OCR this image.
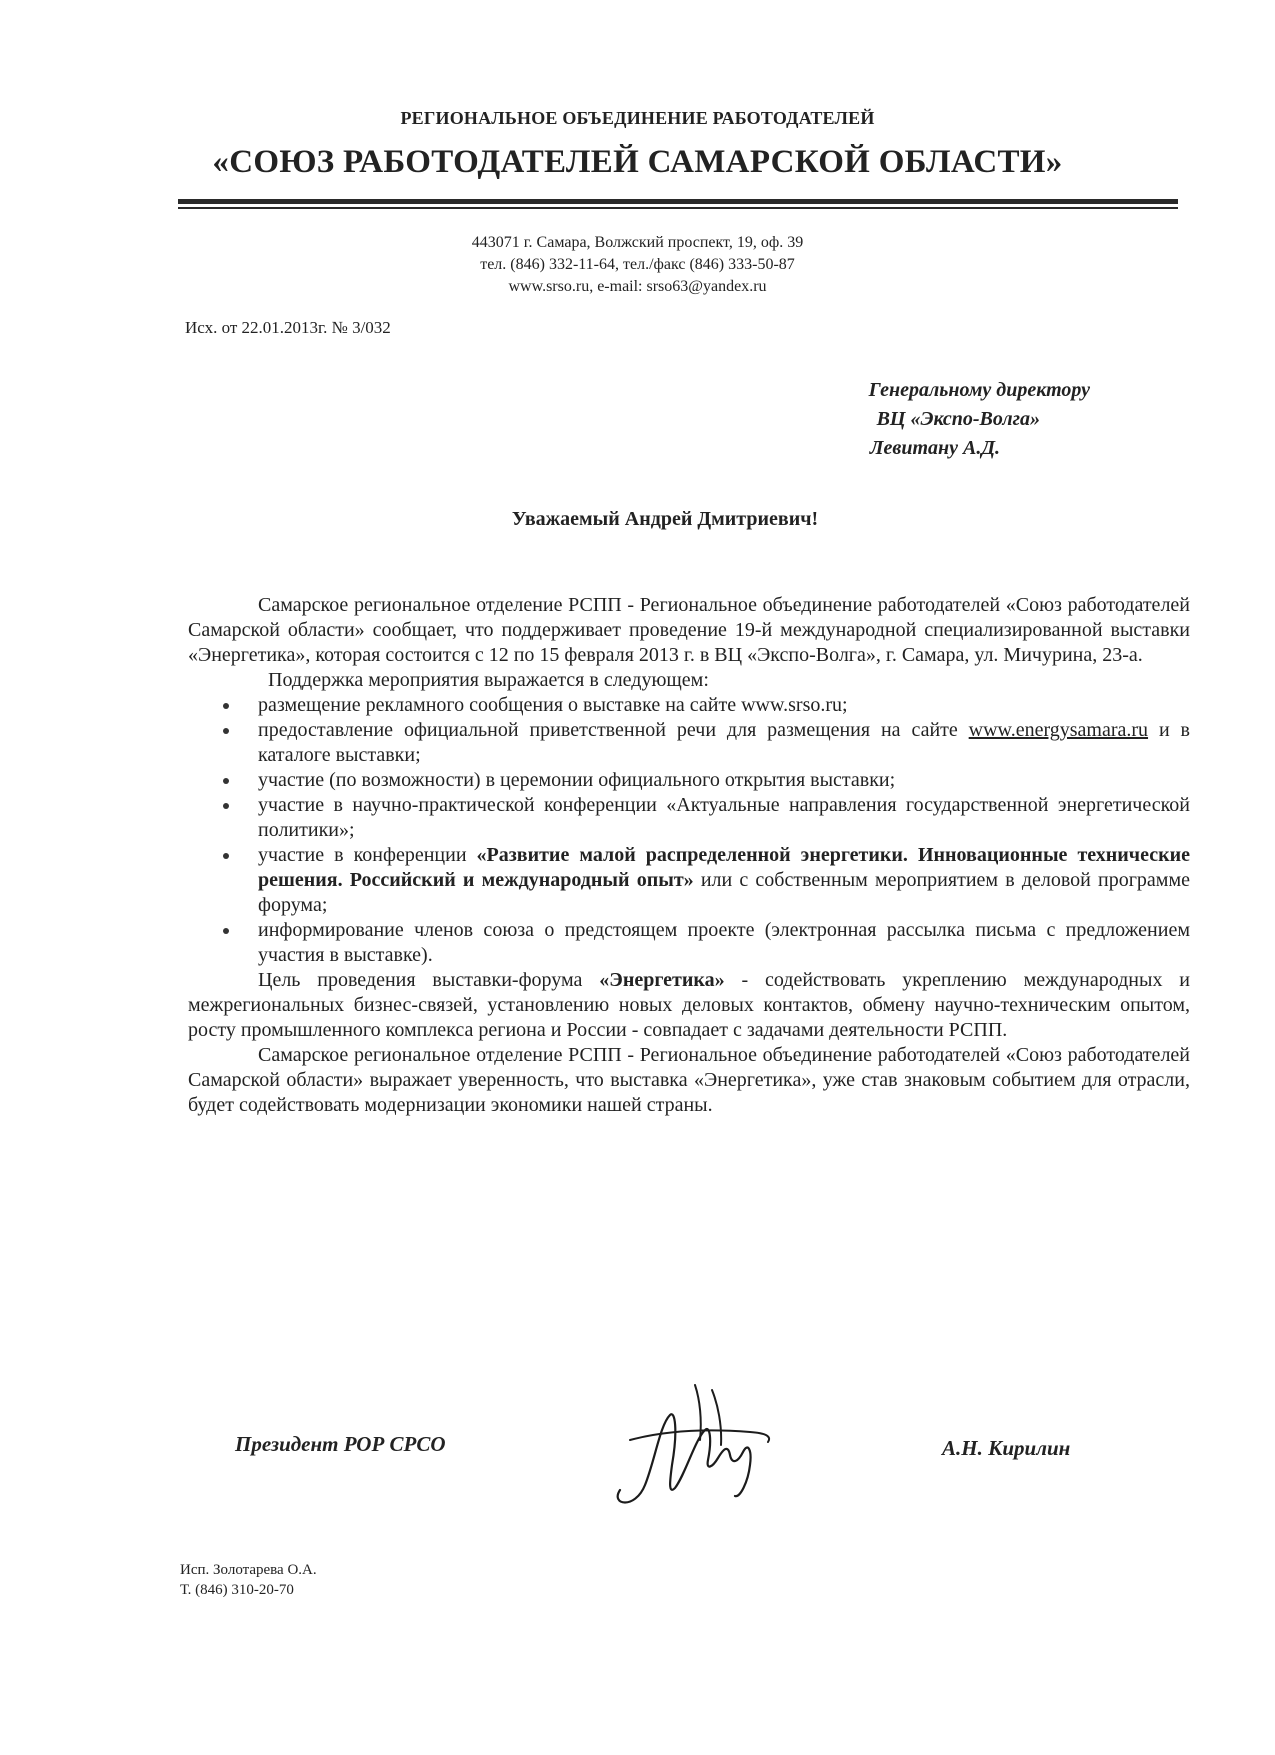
РЕГИОНАЛЬНОЕ ОБЪЕДИНЕНИЕ РАБОТОДАТЕЛЕЙ
«СОЮЗ РАБОТОДАТЕЛЕЙ САМАРСКОЙ ОБЛАСТИ»
443071 г. Самара, Волжский проспект, 19, оф. 39
тел. (846) 332-11-64, тел./факс (846) 333-50-87
www.srso.ru, e-mail: srso63@yandex.ru
Исх. от 22.01.2013г. № 3/032
Генеральному директору
ВЦ «Экспо-Волга»
Левитану А.Д.
Уважаемый Андрей Дмитриевич!

Самарское региональное отделение РСПП - Региональное объединение работодателей «Союз работодателей Самарской области» сообщает, что поддерживает проведение 19-й международной специализированной выставки «Энергетика», которая состоится с 12 по 15 февраля 2013 г. в ВЦ «Экспо-Волга», г. Самара, ул. Мичурина, 23-а.

Поддержка мероприятия выражается в следующем:

размещение рекламного сообщения о выставке на сайте www.srso.ru;
предоставление официальной приветственной речи для размещения на сайте www.energysamara.ru и в каталоге выставки;
участие (по возможности) в церемонии официального открытия выставки;
участие в научно-практической конференции «Актуальные направления государственной энергетической политики»;
участие в конференции «Развитие малой распределенной энергетики. Инновационные технические решения. Российский и международный опыт» или с собственным мероприятием в деловой программе форума;
информирование членов союза о предстоящем проекте (электронная рассылка письма с предложением участия в выставке).

Цель проведения выставки-форума «Энергетика» - содействовать укреплению международных и межрегиональных бизнес-связей, установлению новых деловых контактов, обмену научно-техническим опытом, росту промышленного комплекса региона и России - совпадает с задачами деятельности РСПП.

Самарское региональное отделение РСПП - Региональное объединение работодателей «Союз работодателей Самарской области» выражает уверенность, что выставка «Энергетика», уже став знаковым событием для отрасли, будет содействовать модернизации экономики нашей страны.

Президент РОР СРСО	А.Н. Кирилин
Исп. Золотарева О.А.
Т. (846) 310-20-70
